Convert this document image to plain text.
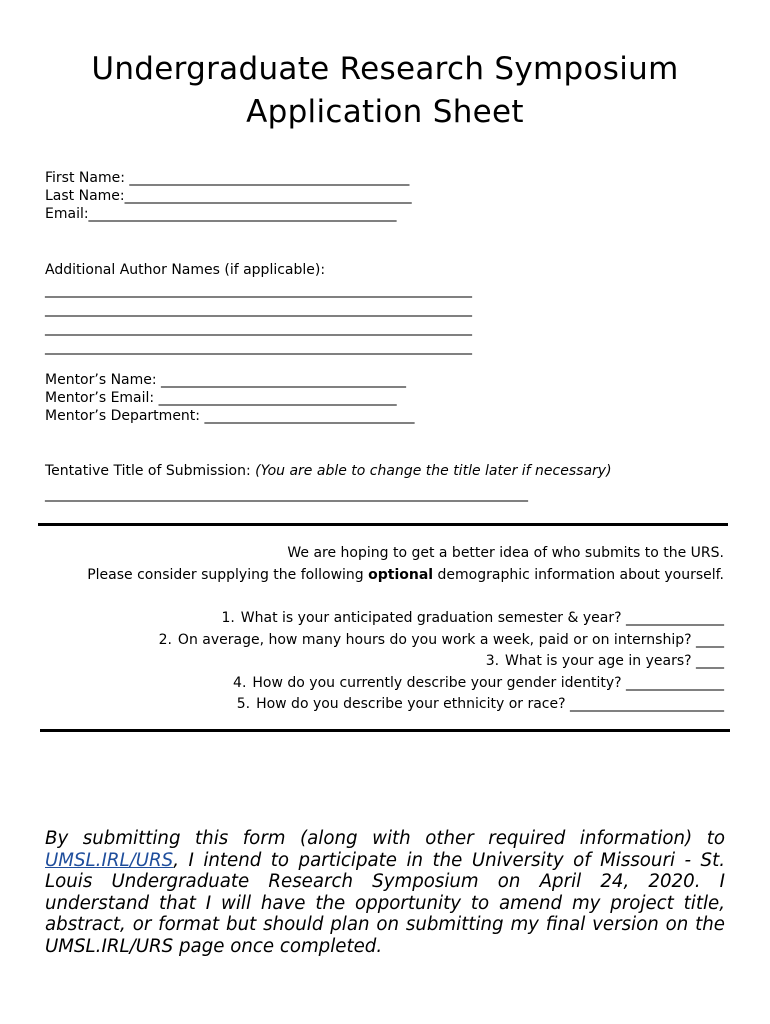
Undergraduate Research Symposium
Application Sheet
First Name: ________________________________________
Last Name:_________________________________________
Email:____________________________________________
Additional Author Names (if applicable):
_____________________________________________________________
_____________________________________________________________
_____________________________________________________________
_____________________________________________________________
Mentor’s Name: ___________________________________
Mentor’s Email: __________________________________
Mentor’s Department: ______________________________
Tentative Title of Submission: (You are able to change the title later if necessary)
_____________________________________________________________________
We are hoping to get a better idea of who submits to the URS.
Please consider supplying the following optional demographic information about yourself.
1. What is your anticipated graduation semester & year? ______________
2. On average, how many hours do you work a week, paid or on internship? ____
3. What is your age in years? ____
4. How do you currently describe your gender identity? ______________
5. How do you describe your ethnicity or race? ______________________
By submitting this form (along with other required information) to UMSL.IRL/URS, I intend to participate in the University of Missouri - St. Louis Undergraduate Research Symposium on April 24, 2020. I understand that I will have the opportunity to amend my project title, abstract, or format but should plan on submitting my final version on the UMSL.IRL/URS page once completed.
